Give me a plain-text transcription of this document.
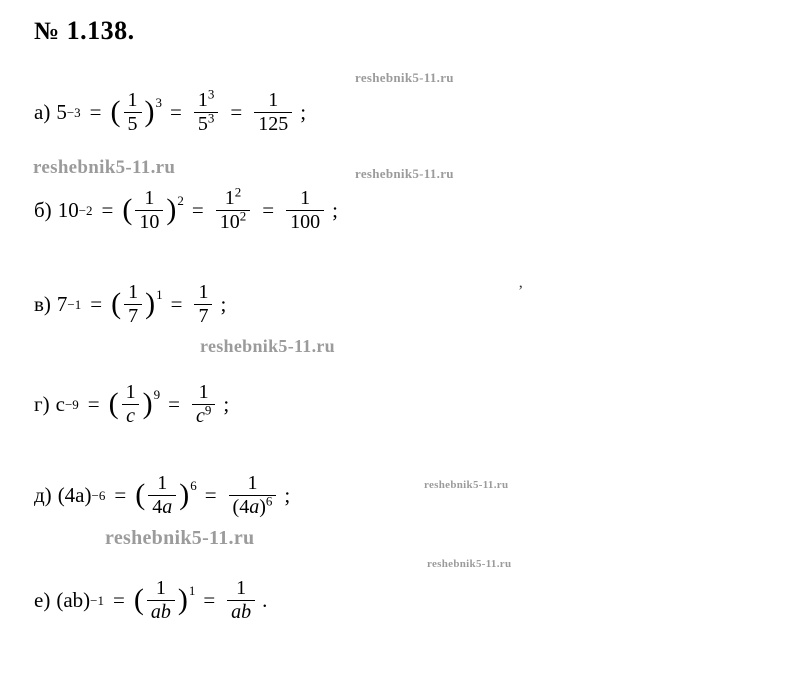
№ 1.138.
reshebnik5-11.ru
reshebnik5-11.ru	reshebnik5-11.ru
reshebnik5-11.ru
reshebnik5-11.ru
reshebnik5-11.ru
reshebnik5-11.ru
’
а) 5 −3 = ( $\frac{1}{5}$ ) $3 = \frac{1^3}{5^3} = \frac{1}{125}$ ;
б) 10 −2 = ( $\frac{1}{10}$ ) $2 = \frac{1^2}{10^2} = \frac{1}{100}$ ;
в) 7 −1 = ( $\frac{1}{7}$ ) $1 = \frac{1}{7}$ ;
г) c −9 = ( $\frac{1}{c}$ ) $9 = \frac{1}{c^9}$ ;
д) (4a) −6 = ( $\frac{1}{4a}$ ) $6 = \frac{1}{(4a)^6}$ ;
е) (ab) −1 = ( $\frac{1}{ab}$ ) $1 = \frac{1}{ab}$ .
